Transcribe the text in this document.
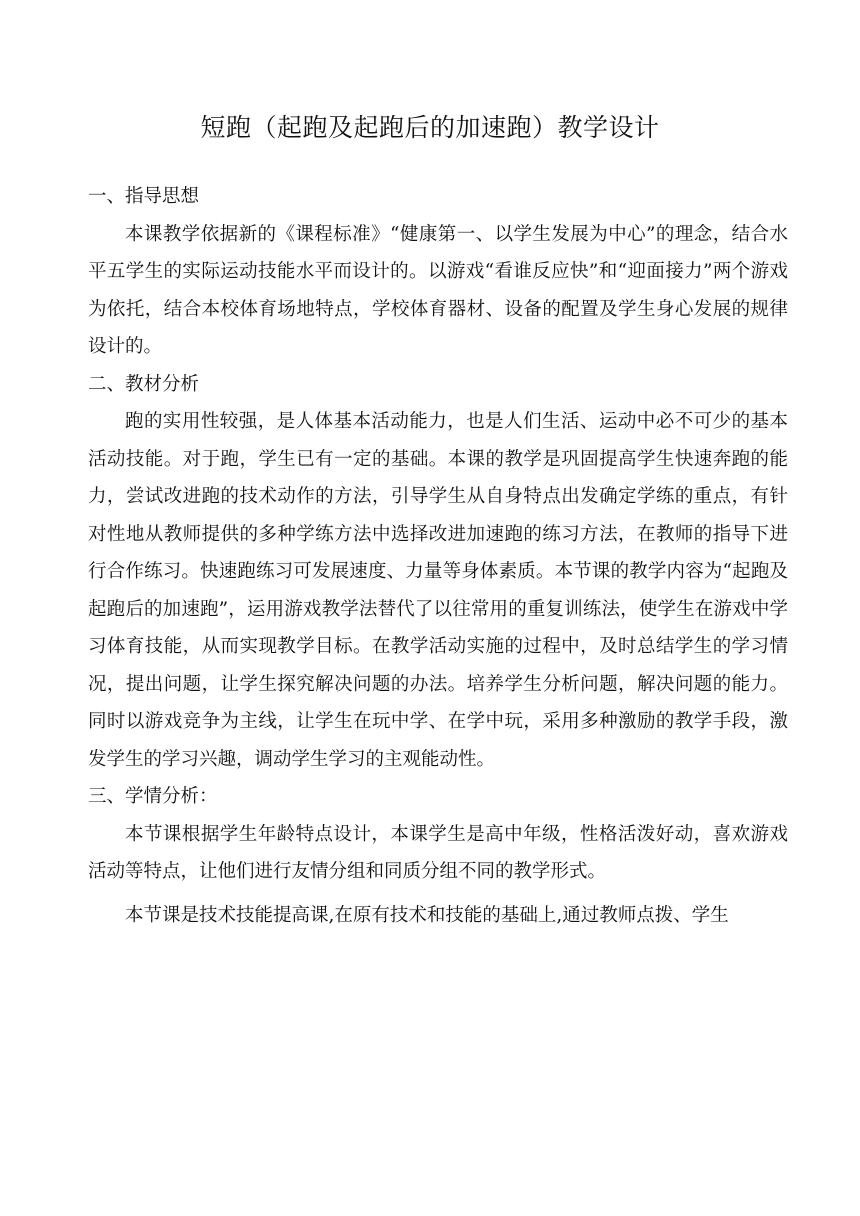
短跑（起跑及起跑后的加速跑）教学设计
一、指导思想

本课教学依据新的《课程标准》“健康第一、以学生发展为中心”的理念，结合水平五学生的实际运动技能水平而设计的。以游戏“看谁反应快”和“迎面接力”两个游戏为依托，结合本校体育场地特点，学校体育器材、设备的配置及学生身心发展的规律设计的。

二、教材分析

跑的实用性较强，是人体基本活动能力，也是人们生活、运动中必不可少的基本活动技能。对于跑，学生已有一定的基础。本课的教学是巩固提高学生快速奔跑的能力，尝试改进跑的技术动作的方法，引导学生从自身特点出发确定学练的重点，有针对性地从教师提供的多种学练方法中选择改进加速跑的练习方法，在教师的指导下进行合作练习。快速跑练习可发展速度、力量等身体素质。本节课的教学内容为“起跑及起跑后的加速跑”，运用游戏教学法替代了以往常用的重复训练法，使学生在游戏中学习体育技能，从而实现教学目标。在教学活动实施的过程中，及时总结学生的学习情况，提出问题，让学生探究解决问题的办法。培养学生分析问题，解决问题的能力。同时以游戏竞争为主线，让学生在玩中学、在学中玩，采用多种激励的教学手段，激发学生的学习兴趣，调动学生学习的主观能动性。

三、学情分析：

本节课根据学生年龄特点设计，本课学生是高中年级，性格活泼好动，喜欢游戏活动等特点，让他们进行友情分组和同质分组不同的教学形式。

本节课是技术技能提高课,在原有技术和技能的基础上,通过教师点拨、学生
